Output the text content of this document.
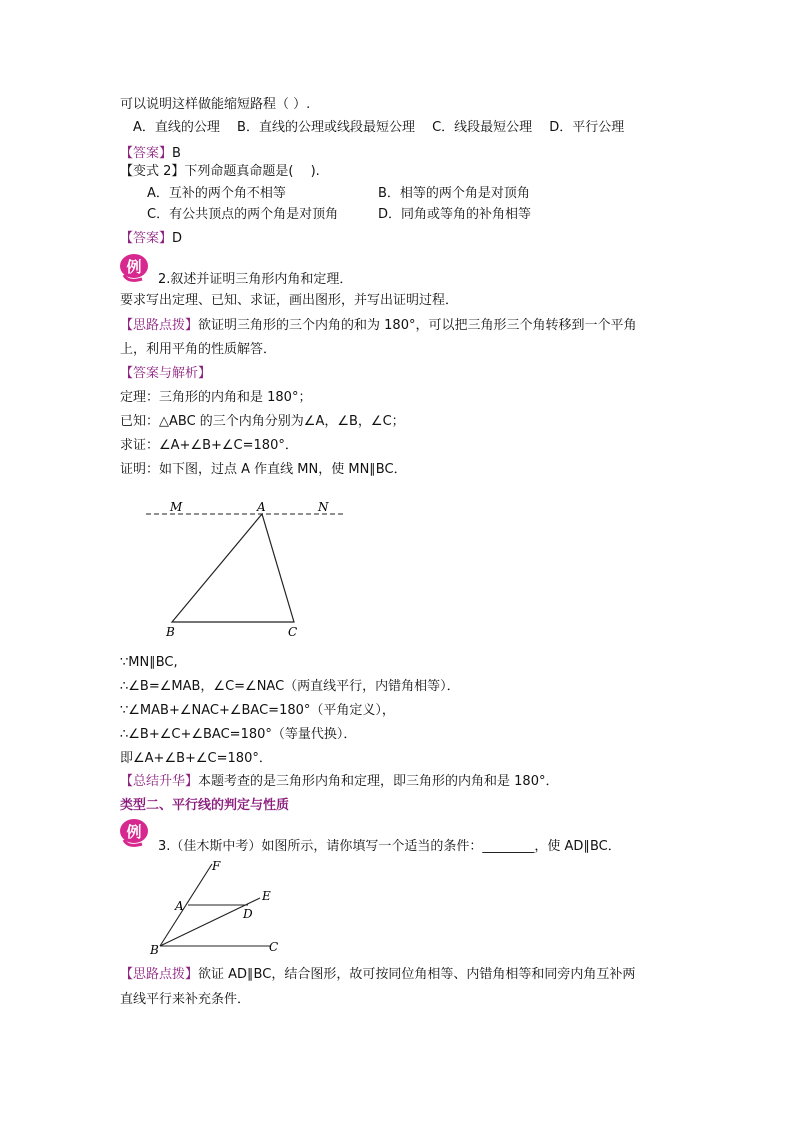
可以说明这样做能缩短路程（ ）.
A．直线的公理　 B．直线的公理或线段最短公理　 C．线段最短公理　 D．平行公理
【答案】B
【变式 2】下列命题真命题是(　 ).
A．互补的两个角不相等	B．相等的两个角是对顶角
C．有公共顶点的两个角是对顶角	D．同角或等角的补角相等
【答案】D
例
2.叙述并证明三角形内角和定理．
要求写出定理、已知、求证，画出图形，并写出证明过程．
【思路点拨】欲证明三角形的三个内角的和为 180°，可以把三角形三个角转移到一个平角
上，利用平角的性质解答．
【答案与解析】
定理：三角形的内角和是 180°；
已知：△ABC 的三个内角分别为∠A，∠B，∠C；
求证：∠A+∠B+∠C=180°．
证明：如下图，过点 A 作直线 MN，使 MN∥BC．
M	A	N
B	C
∵MN∥BC,
∴∠B=∠MAB，∠C=∠NAC（两直线平行，内错角相等）．
∵∠MAB+∠NAC+∠BAC=180°（平角定义），
∴∠B+∠C+∠BAC=180°（等量代换）．
即∠A+∠B+∠C=180°．
【总结升华】本题考查的是三角形内角和定理，即三角形的内角和是 180°．
类型二、平行线的判定与性质
例
3.（佳木斯中考）如图所示，请你填写一个适当的条件：________，使 AD∥BC．
F
A
E
D
B	C
【思路点拨】欲证 AD∥BC，结合图形，故可按同位角相等、内错角相等和同旁内角互补两
直线平行来补充条件．
